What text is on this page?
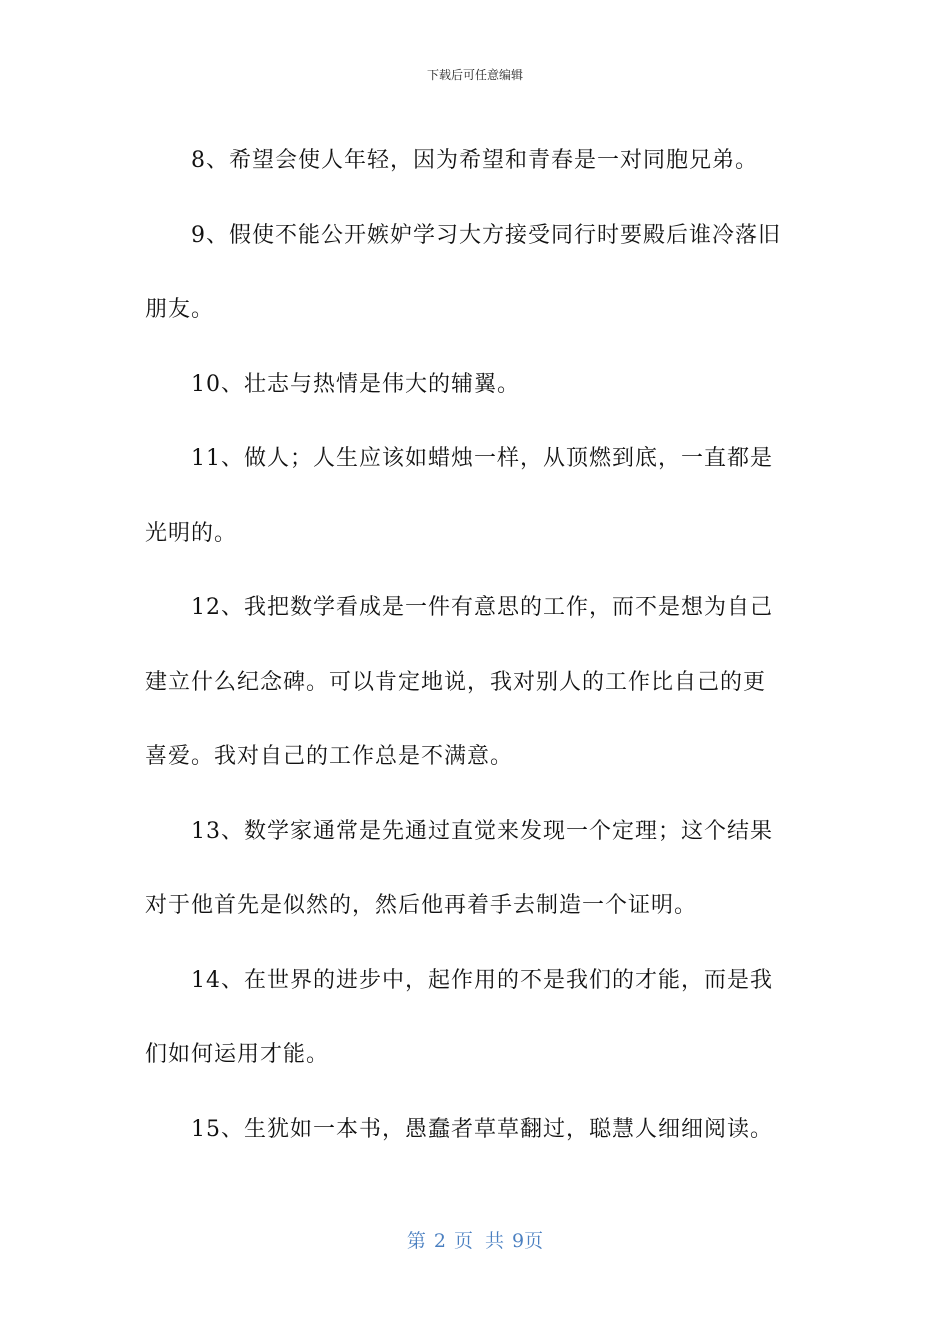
下载后可任意编辑

8、希望会使人年轻，因为希望和青春是一对同胞兄弟。

9、假使不能公开嫉妒学习大方接受同行时要殿后谁冷落旧
朋友。

10、壮志与热情是伟大的辅翼。

11、做人；人生应该如蜡烛一样，从顶燃到底，一直都是
光明的。

12、我把数学看成是一件有意思的工作，而不是想为自己
建立什么纪念碑。可以肯定地说，我对别人的工作比自己的更
喜爱。我对自己的工作总是不满意。

13、数学家通常是先通过直觉来发现一个定理；这个结果
对于他首先是似然的，然后他再着手去制造一个证明。

14、在世界的进步中，起作用的不是我们的才能，而是我
们如何运用才能。

15、生犹如一本书，愚蠢者草草翻过，聪慧人细细阅读。

第 2 页 共 9页
